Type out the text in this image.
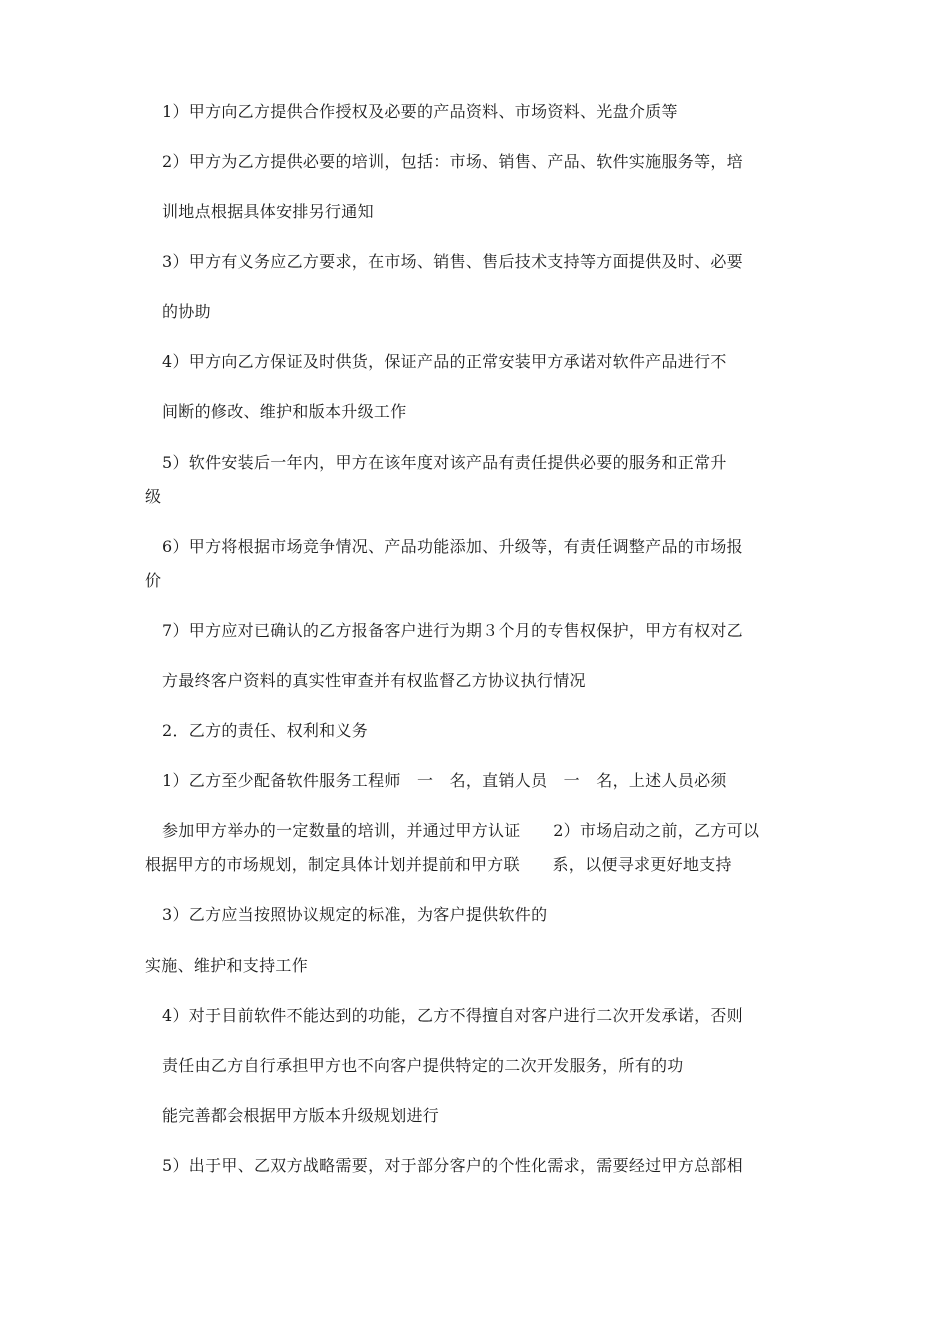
1）甲方向乙方提供合作授权及必要的产品资料、市场资料、光盘介质等
2）甲方为乙方提供必要的培训，包括：市场、销售、产品、软件实施服务等，培
训地点根据具体安排另行通知
3）甲方有义务应乙方要求，在市场、销售、售后技术支持等方面提供及时、必要
的协助
4）甲方向乙方保证及时供货，保证产品的正常安装甲方承诺对软件产品进行不
间断的修改、维护和版本升级工作
5）软件安装后一年内，甲方在该年度对该产品有责任提供必要的服务和正常升
级
6）甲方将根据市场竞争情况、产品功能添加、升级等，有责任调整产品的市场报
价
7）甲方应对已确认的乙方报备客户进行为期３个月的专售权保护，甲方有权对乙
方最终客户资料的真实性审查并有权监督乙方协议执行情况
2．乙方的责任、权利和义务
1）乙方至少配备软件服务工程师　一　名，直销人员　一　名，上述人员必须
参加甲方举办的一定数量的培训，并通过甲方认证　　2）市场启动之前，乙方可以
根据甲方的市场规划，制定具体计划并提前和甲方联　　系，以便寻求更好地支持
3）乙方应当按照协议规定的标准，为客户提供软件的
实施、维护和支持工作
4）对于目前软件不能达到的功能，乙方不得擅自对客户进行二次开发承诺，否则
责任由乙方自行承担甲方也不向客户提供特定的二次开发服务，所有的功
能完善都会根据甲方版本升级规划进行
5）出于甲、乙双方战略需要，对于部分客户的个性化需求，需要经过甲方总部相
